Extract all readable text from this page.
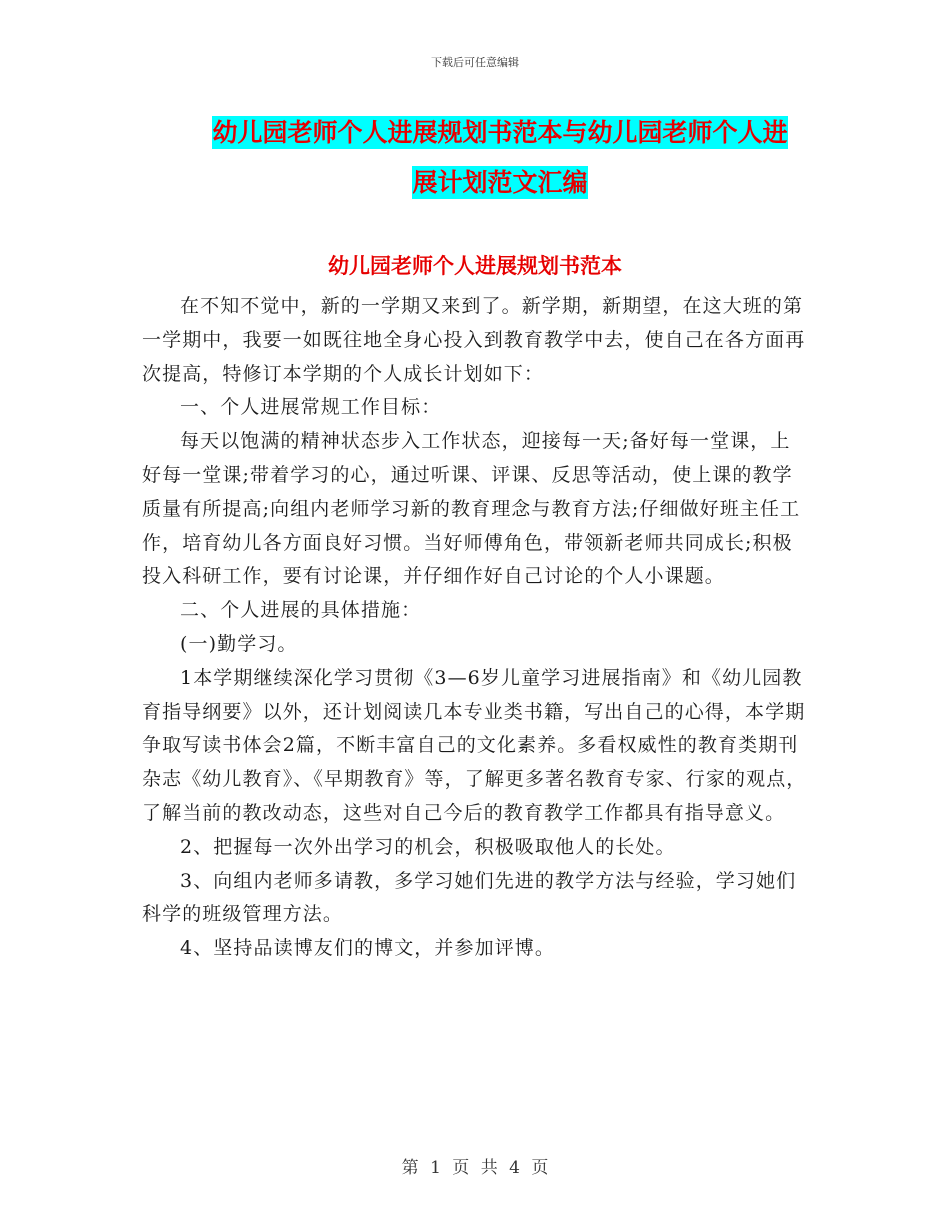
下载后可任意编辑
幼儿园老师个人进展规划书范本与幼儿园老师个人进
展计划范文汇编
幼儿园老师个人进展规划书范本

在不知不觉中，新的一学期又来到了。新学期，新期望，在这大班的第一学期中，我要一如既往地全身心投入到教育教学中去，使自己在各方面再次提高，特修订本学期的个人成长计划如下：

一、个人进展常规工作目标：

每天以饱满的精神状态步入工作状态，迎接每一天;备好每一堂课，上好每一堂课;带着学习的心，通过听课、评课、反思等活动，使上课的教学质量有所提高;向组内老师学习新的教育理念与教育方法;仔细做好班主任工作，培育幼儿各方面良好习惯。当好师傅角色，带领新老师共同成长;积极投入科研工作，要有讨论课，并仔细作好自己讨论的个人小课题。

二、个人进展的具体措施：

(一)勤学习。

1本学期继续深化学习贯彻《3—6岁儿童学习进展指南》和《幼儿园教育指导纲要》以外，还计划阅读几本专业类书籍，写出自己的心得，本学期争取写读书体会2篇，不断丰富自己的文化素养。多看权威性的教育类期刊杂志《幼儿教育》、《早期教育》等，了解更多著名教育专家、行家的观点，了解当前的教改动态，这些对自己今后的教育教学工作都具有指导意义。

2、把握每一次外出学习的机会，积极吸取他人的长处。

3、向组内老师多请教，多学习她们先进的教学方法与经验，学习她们科学的班级管理方法。

4、坚持品读博友们的博文，并参加评博。

第 1 页 共 4 页
